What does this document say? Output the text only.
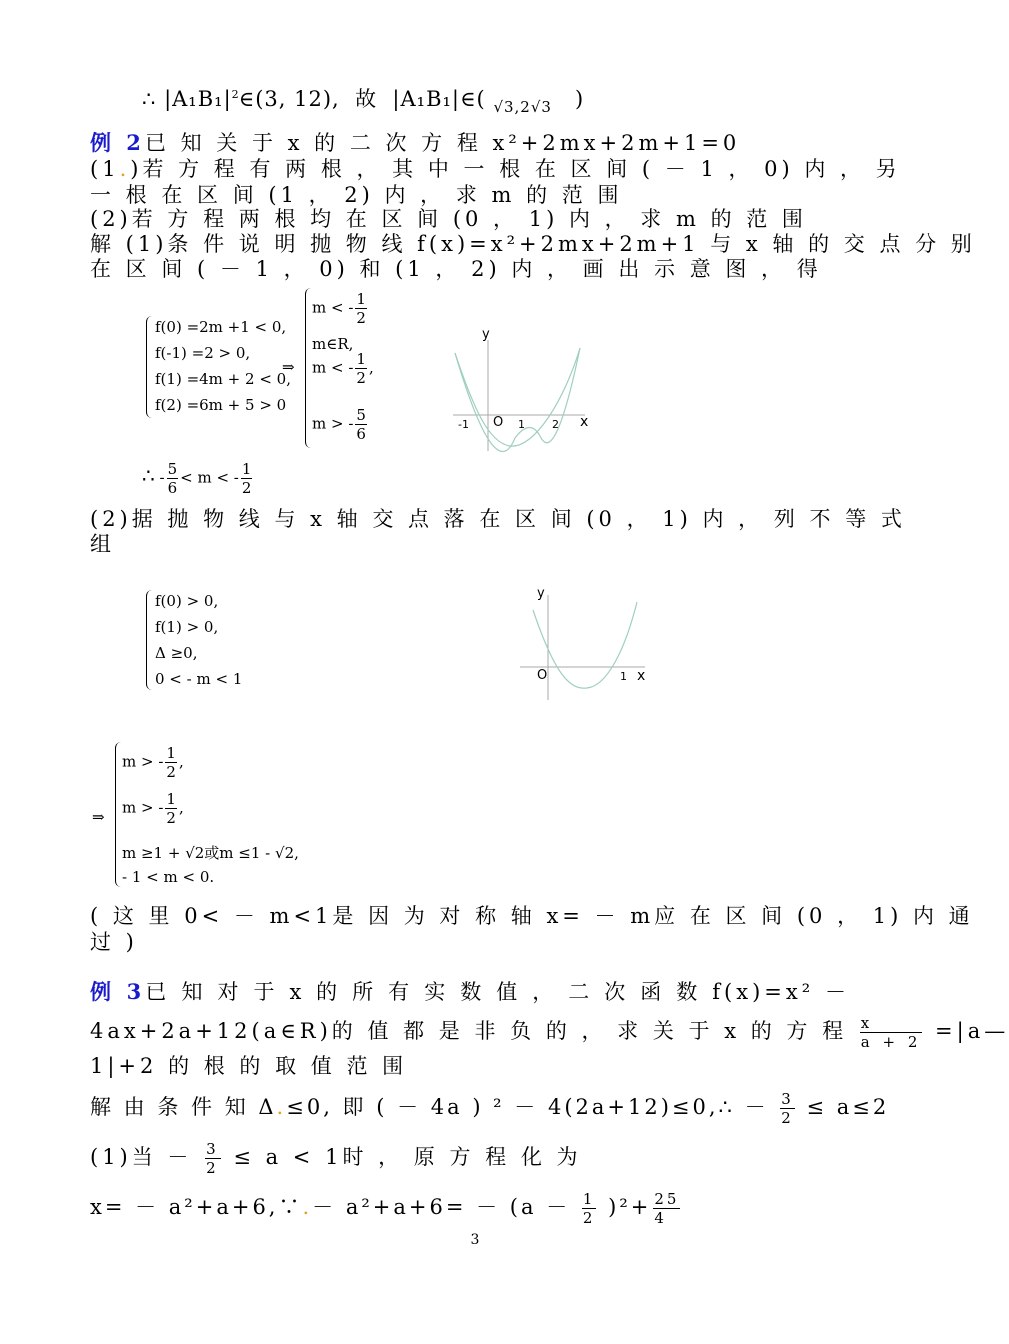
∴ $|A_1B_1|^2\in(3$, 12), 故 |A₁B₁|∈( $_{√3,2√3}$ )
例 2已 知 关 于 x 的 二 次 方 程 x²+2mx+2m+1=0
(1.)若 方 程 有 两 根 ， 其 中 一 根 在 区 间 ( － 1 ， 0) 内 ， 另
一 根 在 区 间 (1 ， 2) 内 ， 求 m 的 范 围
(2)若 方 程 两 根 均 在 区 间 (0 ， 1) 内 ， 求 m 的 范 围
解 (1)条 件 说 明 抛 物 线 f(x)=x²+2mx+2m+1 与 x 轴 的 交 点 分 别
在 区 间 ( － 1 ， 0) 和 (1 ， 2) 内 ， 画 出 示 意 图 ， 得
f(0) =2m +1 < 0,
f(-1) =2 > 0,
f(1) =4m + 2 < 0,
f(2) =6m + 5 > 0
⇒
m < - $\frac{1}{2}$
m∈R,
m < - $\frac{1}{2}$ ,
m > - $\frac{5}{6}$
y
x
O
-1	1 2
∴ - $\frac{5}{6} < m$ < - $\frac{1}{2}$
(2)据 抛 物 线 与 x 轴 交 点 落 在 区 间 (0 ， 1) 内 ， 列 不 等 式
组
f(0) > 0,
f(1) > 0,
Δ ≥0,
0 < - m < 1
y
x
O	1
⇒
m > - $\frac{1}{2}$ ,
m > - $\frac{1}{2}$ ,
m ≥1 + √2或m ≤1 - √2,
- 1 < m < 0.
( 这 里 0< － m<1是 因 为 对 称 轴 x= － m应 在 区 间 (0 ， 1) 内 通
过 )
例 3已 知 对 于 x 的 所 有 实 数 值 ， 二 次 函 数 f(x)=x² －
4ax+2a+12(a∈R)的 值 都 是 非 负 的 ， 求 关 于 x 的 方 程 $\frac{x}{a + 2}$ =|a—
1|+2 的 根 的 取 值 范 围
解 由 条 件 知 Δ.≤0, 即 ( － 4a ) ² － 4(2a+12)≤0,∴ － $\frac{3}{2} \le a\le 2$
(1)当 － $\frac{3}{2} \le a < 1$时 ， 原 方 程 化 为
x= － a²+a+6,∵.－ $a^2+a+6= - (a - \frac{1}{2} )^2+ \frac{25}{4}$
3
